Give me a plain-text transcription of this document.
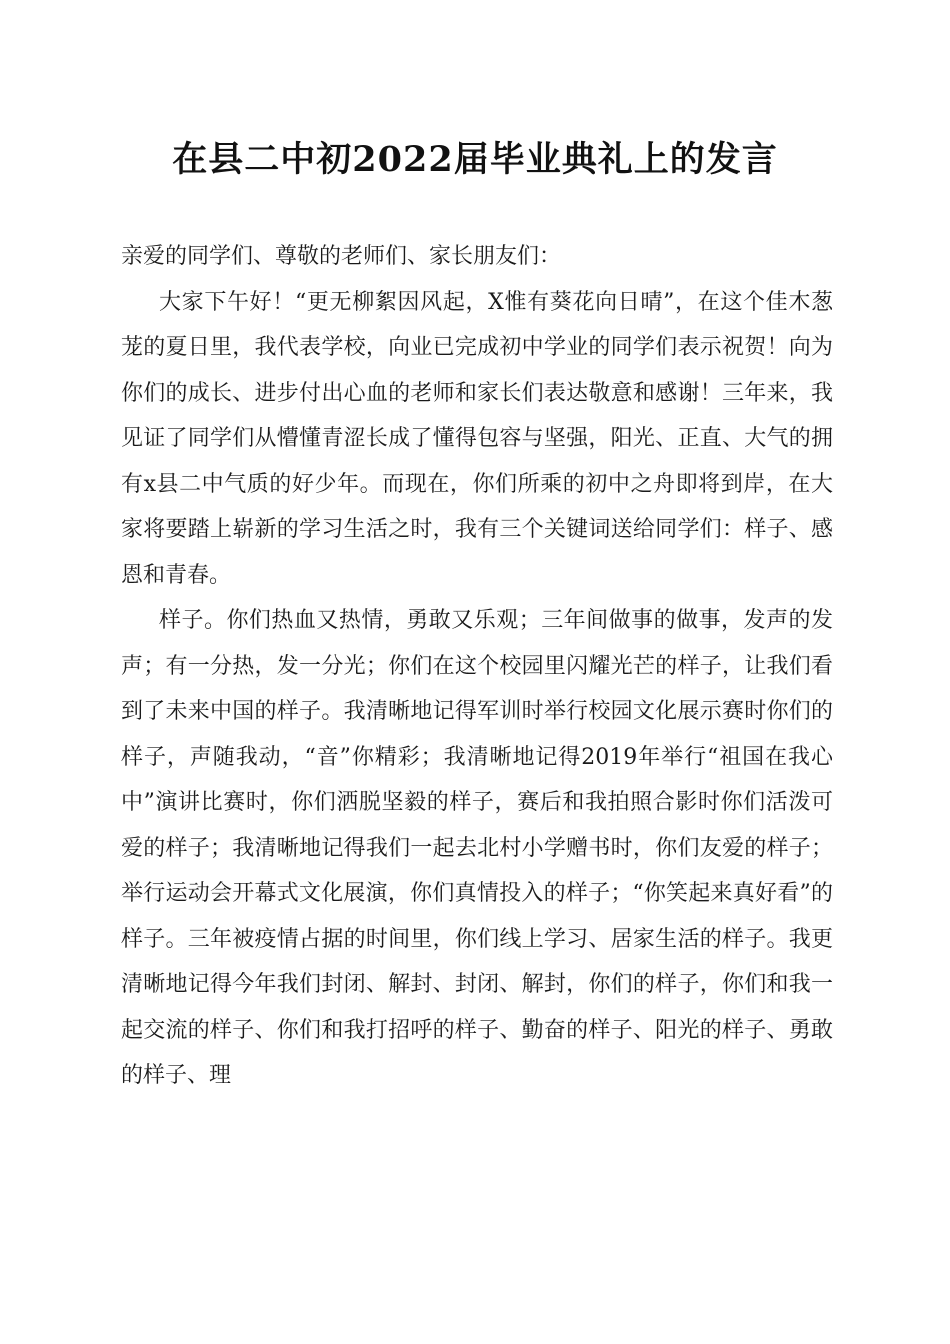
在县二中初2022届毕业典礼上的发言

亲爱的同学们、尊敬的老师们、家长朋友们：

大家下午好！“更无柳絮因风起，X惟有葵花向日晴”，在这个佳木葱茏的夏日里，我代表学校，向业已完成初中学业的同学们表示祝贺！向为你们的成长、进步付出心血的老师和家长们表达敬意和感谢！三年来，我见证了同学们从懵懂青涩长成了懂得包容与坚强，阳光、正直、大气的拥有x县二中气质的好少年。而现在，你们所乘的初中之舟即将到岸，在大家将要踏上崭新的学习生活之时，我有三个关键词送给同学们：样子、感恩和青春。

样子。你们热血又热情，勇敢又乐观；三年间做事的做事，发声的发声；有一分热，发一分光；你们在这个校园里闪耀光芒的样子，让我们看到了未来中国的样子。我清晰地记得军训时举行校园文化展示赛时你们的样子，声随我动，“音”你精彩；我清晰地记得2019年举行“祖国在我心中”演讲比赛时，你们洒脱坚毅的样子，赛后和我拍照合影时你们活泼可爱的样子；我清晰地记得我们一起去北村小学赠书时，你们友爱的样子；举行运动会开幕式文化展演，你们真情投入的样子；“你笑起来真好看”的样子。三年被疫情占据的时间里，你们线上学习、居家生活的样子。我更清晰地记得今年我们封闭、解封、封闭、解封，你们的样子，你们和我一起交流的样子、你们和我打招呼的样子、勤奋的样子、阳光的样子、勇敢的样子、理
